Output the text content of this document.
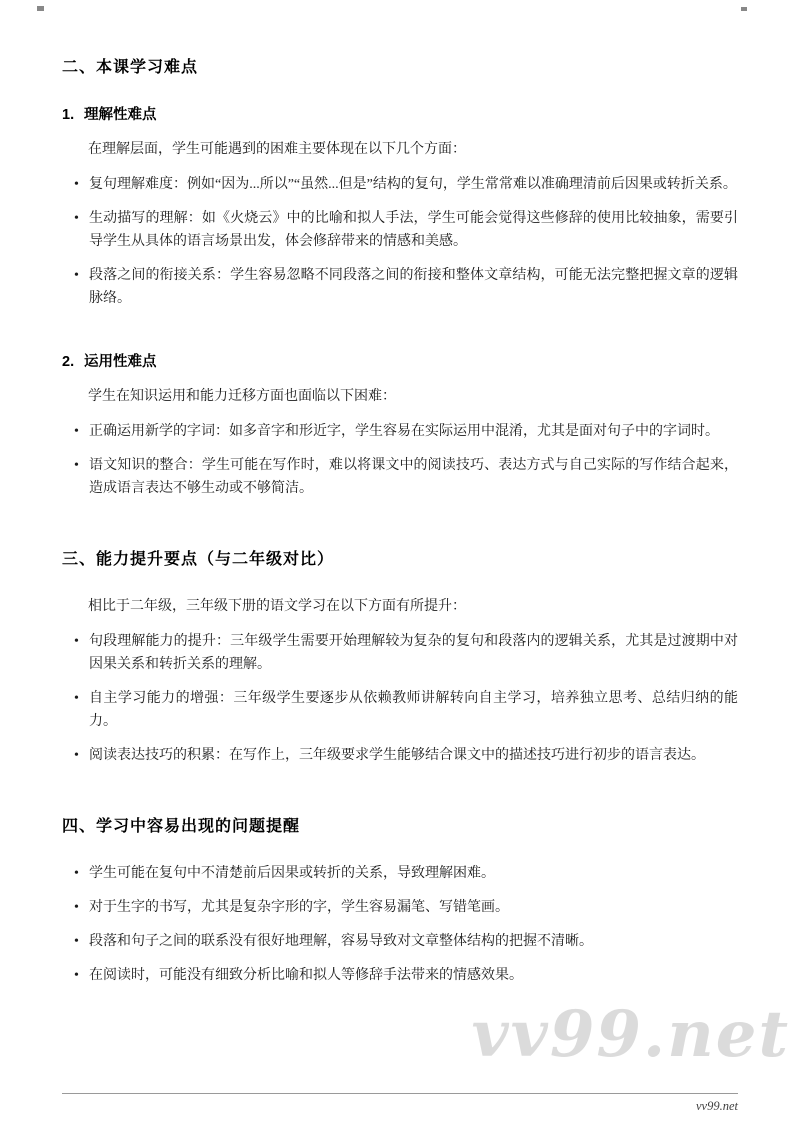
二、本课学习难点
1. 理解性难点

在理解层面，学生可能遇到的困难主要体现在以下几个方面：

• 复句理解难度：例如“因为...所以”“虽然...但是”结构的复句，学生常常难以准确理清前后因果或转折关系。
• 生动描写的理解：如《火烧云》中的比喻和拟人手法，学生可能会觉得这些修辞的使用比较抽象，需要引导学生从具体的语言场景出发，体会修辞带来的情感和美感。
• 段落之间的衔接关系：学生容易忽略不同段落之间的衔接和整体文章结构，可能无法完整把握文章的逻辑脉络。
2. 运用性难点

学生在知识运用和能力迁移方面也面临以下困难：

• 正确运用新学的字词：如多音字和形近字，学生容易在实际运用中混淆，尤其是面对句子中的字词时。
• 语文知识的整合：学生可能在写作时，难以将课文中的阅读技巧、表达方式与自己实际的写作结合起来，造成语言表达不够生动或不够简洁。
三、能力提升要点（与二年级对比）

相比于二年级，三年级下册的语文学习在以下方面有所提升：

• 句段理解能力的提升：三年级学生需要开始理解较为复杂的复句和段落内的逻辑关系，尤其是过渡期中对因果关系和转折关系的理解。
• 自主学习能力的增强：三年级学生要逐步从依赖教师讲解转向自主学习，培养独立思考、总结归纳的能力。
• 阅读表达技巧的积累：在写作上，三年级要求学生能够结合课文中的描述技巧进行初步的语言表达。
四、学习中容易出现的问题提醒
• 学生可能在复句中不清楚前后因果或转折的关系，导致理解困难。
• 对于生字的书写，尤其是复杂字形的字，学生容易漏笔、写错笔画。
• 段落和句子之间的联系没有很好地理解，容易导致对文章整体结构的把握不清晰。
• 在阅读时，可能没有细致分析比喻和拟人等修辞手法带来的情感效果。
vv99.net
vv99.net
